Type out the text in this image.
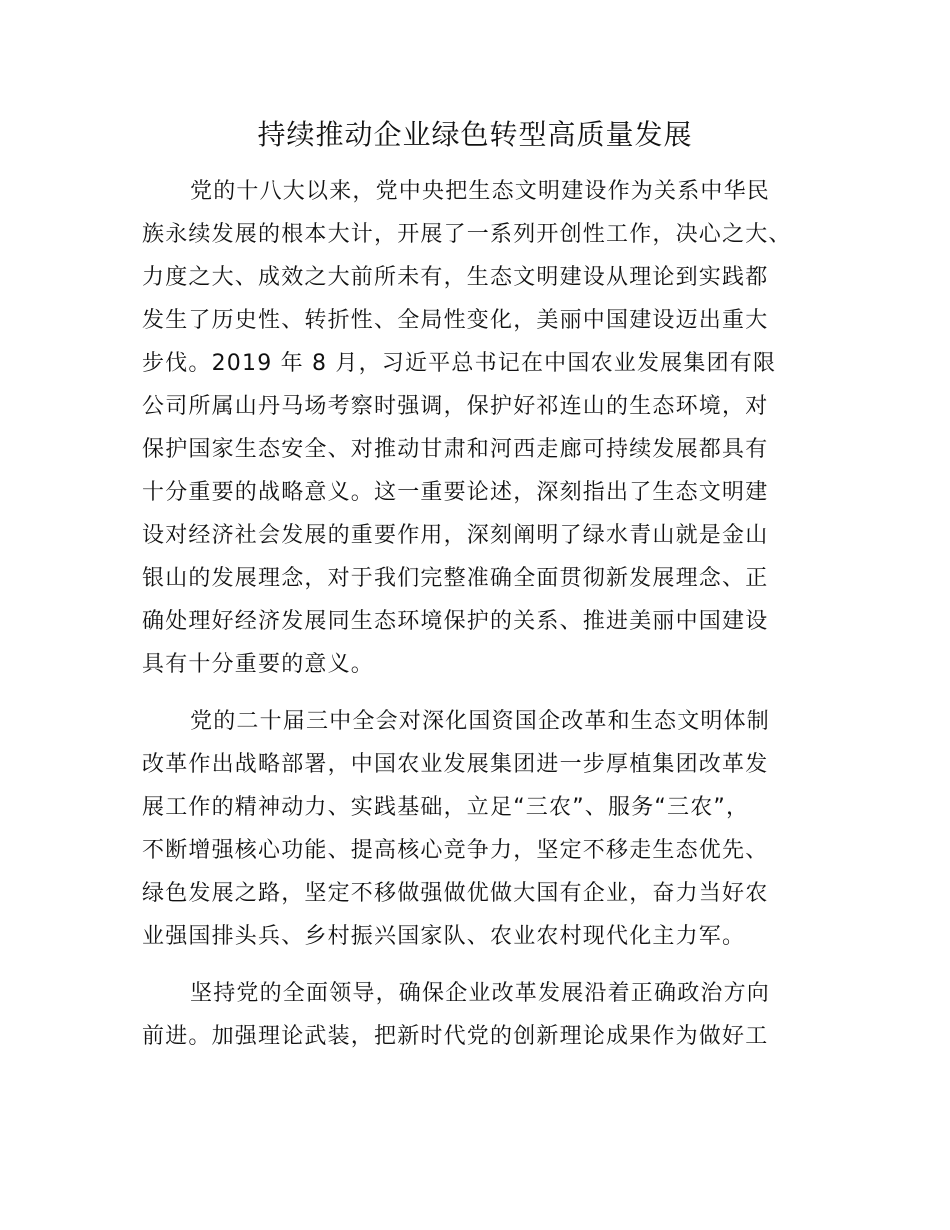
持续推动企业绿色转型高质量发展

党的十八大以来，党中央把生态文明建设作为关系中华民

族永续发展的根本大计，开展了一系列开创性工作，决心之大、

力度之大、成效之大前所未有，生态文明建设从理论到实践都

发生了历史性、转折性、全局性变化，美丽中国建设迈出重大

步伐。2019 年 8 月，习近平总书记在中国农业发展集团有限

公司所属山丹马场考察时强调，保护好祁连山的生态环境，对

保护国家生态安全、对推动甘肃和河西走廊可持续发展都具有

十分重要的战略意义。这一重要论述，深刻指出了生态文明建

设对经济社会发展的重要作用，深刻阐明了绿水青山就是金山

银山的发展理念，对于我们完整准确全面贯彻新发展理念、正

确处理好经济发展同生态环境保护的关系、推进美丽中国建设

具有十分重要的意义。

党的二十届三中全会对深化国资国企改革和生态文明体制

改革作出战略部署，中国农业发展集团进一步厚植集团改革发

展工作的精神动力、实践基础，立足“三农”、服务“三农”，

不断增强核心功能、提高核心竞争力，坚定不移走生态优先、

绿色发展之路，坚定不移做强做优做大国有企业，奋力当好农

业强国排头兵、乡村振兴国家队、农业农村现代化主力军。

坚持党的全面领导，确保企业改革发展沿着正确政治方向

前进。加强理论武装，把新时代党的创新理论成果作为做好工
